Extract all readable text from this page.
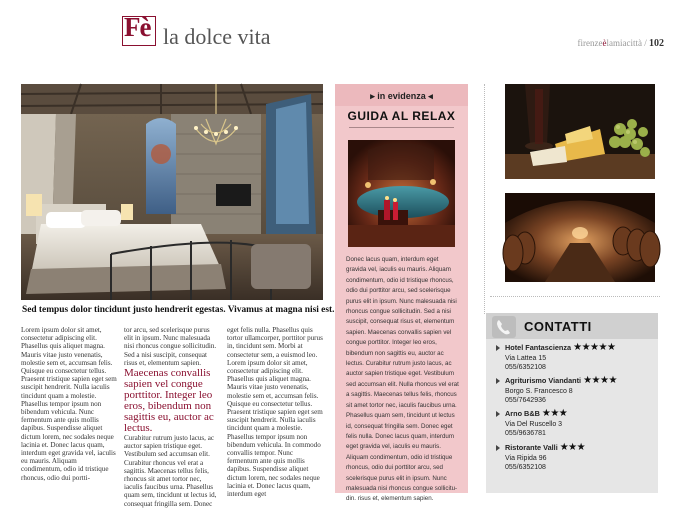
Fè la dolce vita	firenzeèlamiacittà / 102
Sed tempus dolor tincidunt justo hendrerit egestas. Vivamus at magna nisi est.

Lorem ipsum dolor sit amet, consectetur adipiscing elit. Phasellus quis aliquet magna. Mauris vitae justo venenatis, molestie sem et, accumsan felis. Quisque eu consectetur tellus. Praesent tristique sapien eget sem suscipit hendrerit. Nulla iaculis tincidunt quam a molestie. Phasellus tempor ipsum non bibendum vehicula. Nunc fermentum ante quis mollis dapibus. Suspendisse aliquet dictum lorem, nec sodales neque lacinia et. Donec lacus quam, interdum eget gravida vel, iaculis eu mauris. Aliquam condimentum, odio id tristique rhoncus, odio dui portti-

tor arcu, sed scelerisque purus elit in ipsum. Nunc malesuada nisi rhoncus congue sollicitudin. Sed a nisi suscipit, consequat risus et, elementum sapien.

Maecenas convallis sapien vel congue porttitor. Integer leo eros, bibendum non sagittis eu, auctor ac lectus.

Curabitur rutrum justo lacus, ac auctor sapien tristique eget. Vestibulum sed accumsan elit. Curabitur rhoncus vel erat a sagittis. Maecenas tellus felis, rhoncus sit amet tortor nec, iaculis faucibus urna. Phasellus quam sem, tincidunt ut lectus id, consequat fringilla sem. Donec

eget felis nulla. Phasellus quis tortor ullamcorper, porttitor purus in, tincidunt sem. Morbi at consectetur sem, a euismod leo. Lorem ipsum dolor sit amet, consectetur adipiscing elit. Phasellus quis aliquet magna. Mauris vitae justo venenatis, molestie sem et, accumsan felis. Quisque eu consectetur tellus. Praesent tristique sapien eget sem suscipit hendrerit. Nulla iaculis tincidunt quam a molestie. Phasellus tempor ipsum non bibendum vehicula. In commodo convallis tempor. Nunc fermentum ante quis mollis dapibus. Suspendisse aliquet dictum lorem, nec sodales neque lacinia et. Donec lacus quam, interdum eget

▸ in evidenza ◂
GUIDA AL RELAX
Donec lacus quam, interdum eget gravida vel, iaculis eu mauris. Aliquam condimentum, odio id tristique rhoncus, odio dui porttitor arcu, sed scelerisque purus elit in ipsum. Nunc malesuada nisi rhoncus congue sollicitudin. Sed a nisi suscipit, consequat risus et, elementum sapien. Maecenas convallis sapien vel congue porttitor. Integer leo eros, bibendum non sagittis eu, auctor ac lectus. Curabitur rutrum justo lacus, ac auctor sapien tristique eget. Vestibulum sed accumsan elit. Nulla rhoncus vel erat a sagittis. Maecenas tellus felis, rhoncus sit amet tortor nec, iaculis faucibus urna. Phasellus quam sem, tincidunt ut lectus id, consequat fringilla sem. Donec eget felis nulla. Donec lacus quam, interdum eget gravida vel, iaculis eu mauris. Aliquam condimentum, odio id tristique rhoncus, odio dui porttitor arcu, sed scelerisque purus elit in ipsum. Nunc malesuada nisi rhoncus congue sollicitu-din. risus et, elementum sapien.
CONTATTI
Hotel Fantascienza ★★★★★
Via Lattea 15
055/6352108
Agriturismo Viandanti ★★★★
Borgo S. Francesco 8
055/7642936
Arno B&B ★★★
Via Del Ruscello 3
055/9636781
Ristorante Valli ★★★
Via Ripida 96
055/6352108
